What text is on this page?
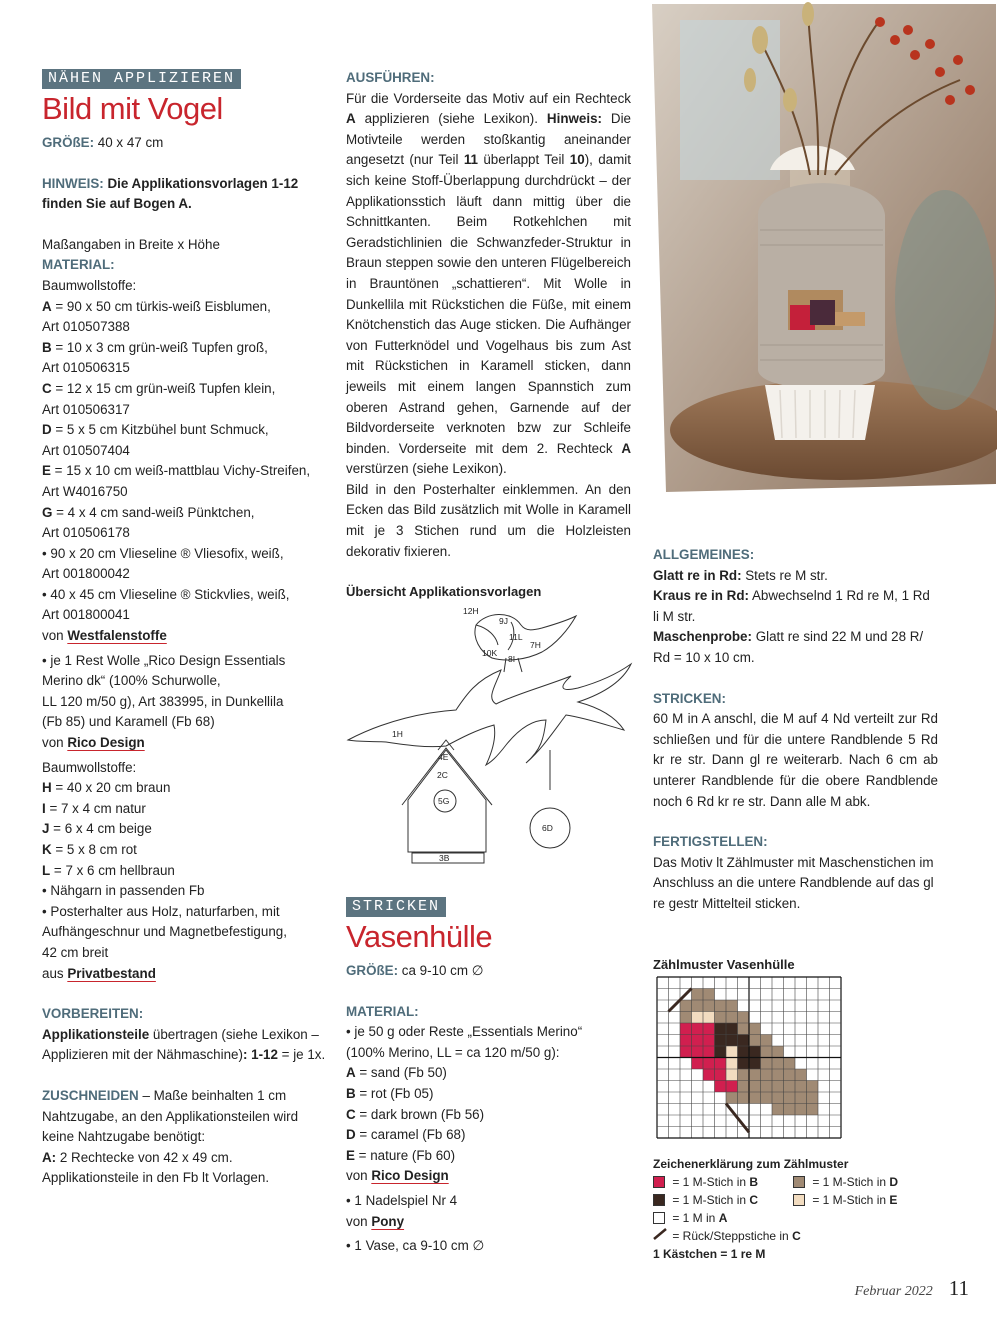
NÄHEN APPLIZIEREN
Bild mit Vogel

GRÖßE: 40 x 47 cm

HINWEIS: Die Applikationsvorlagen 1-12 finden Sie auf Bogen A.

Maßangaben in Breite x Höhe

MATERIAL:

Baumwollstoffe:

A = 90 x 50 cm türkis-weiß Eisblumen,

Art 010507388

B = 10 x 3 cm grün-weiß Tupfen groß,

Art 010506315

C = 12 x 15 cm grün-weiß Tupfen klein,

Art 010506317

D = 5 x 5 cm Kitzbühel bunt Schmuck,

Art 010507404

E = 15 x 10 cm weiß-mattblau Vichy-Streifen,

Art W4016750

G = 4 x 4 cm sand-weiß Pünktchen,

Art 010506178

• 90 x 20 cm Vlieseline ® Vliesofix, weiß,

Art 001800042

• 40 x 45 cm Vlieseline ® Stickvlies, weiß,

Art 001800041

von Westfalenstoffe

• je 1 Rest Wolle „Rico Design Essentials

Merino dk“ (100% Schurwolle,

LL 120 m/50 g), Art 383995, in Dunkellila

(Fb 85) und Karamell (Fb 68)

von Rico Design

Baumwollstoffe:

H = 40 x 20 cm braun

I = 7 x 4 cm natur

J = 6 x 4 cm beige

K = 5 x 8 cm rot

L = 7 x 6 cm hellbraun

• Nähgarn in passenden Fb

• Posterhalter aus Holz, naturfarben, mit

Aufhängeschnur und Magnetbefestigung,

42 cm breit

aus Privatbestand

VORBEREITEN:

Applikationsteile übertragen (siehe Lexikon – Applizieren mit der Nähmaschine): 1-12 = je 1x.

ZUSCHNEIDEN – Maße beinhalten 1 cm Nahtzugabe, an den Applikationsteilen wird keine Nahtzugabe benötigt:

A: 2 Rechtecke von 42 x 49 cm.

Applikationsteile in den Fb lt Vorlagen.

AUSFÜHREN:

Für die Vorderseite das Motiv auf ein Rechteck A applizieren (siehe Lexikon). Hinweis: Die Motivteile werden stoßkantig aneinander angesetzt (nur Teil 11 überlappt Teil 10), damit sich keine Stoff-Überlappung durchdrückt – der Applikationsstich läuft dann mittig über die Schnittkanten. Beim Rotkehlchen mit Geradstichlinien die Schwanzfeder-Struktur in Braun steppen sowie den unteren Flügelbereich in Brauntönen „schattieren“. Mit Wolle in Dunkellila mit Rückstichen die Füße, mit einem Knötchenstich das Auge sticken. Die Aufhänger von Futterknödel und Vogelhaus bis zum Ast mit Rückstichen in Karamell sticken, dann jeweils mit einem langen Spannstich zum oberen Astrand gehen, Garnende auf der Bildvorderseite verknoten bzw zur Schleife binden. Vorderseite mit dem 2. Rechteck A verstürzen (siehe Lexikon).

Bild in den Posterhalter einklemmen. An den Ecken das Bild zusätzlich mit Wolle in Karamell mit je 3 Stichen rund um die Holzleisten dekorativ fixieren.

Übersicht Applikationsvorlagen

12H
9J
11L
7H
10K
8I
1H
4E
2C
5G
6D
3B
STRICKEN
Vasenhülle

GRÖßE: ca 9-10 cm ∅

MATERIAL:

• je 50 g oder Reste „Essentials Merino“

(100% Merino, LL = ca 120 m/50 g):

A = sand (Fb 50)

B = rot (Fb 05)

C = dark brown (Fb 56)

D = caramel (Fb 68)

E = nature (Fb 60)

von Rico Design

• 1 Nadelspiel Nr 4

von Pony

• 1 Vase, ca 9-10 cm ∅

ALLGEMEINES:

Glatt re in Rd: Stets re M str.

Kraus re in Rd: Abwechselnd 1 Rd re M, 1 Rd li M str.

Maschenprobe: Glatt re sind 22 M und 28 R/ Rd = 10 x 10 cm.

STRICKEN:

60 M in A anschl, die M auf 4 Nd verteilt zur Rd schließen und für die untere Randblende 5 Rd kr re str. Dann gl re weiterarb. Nach 6 cm ab unterer Randblende für die obere Randblende noch 6 Rd kr re str. Dann alle M abk.

FERTIGSTELLEN:

Das Motiv lt Zählmuster mit Maschenstichen im Anschluss an die untere Randblende auf das gl re gestr Mittelteil sticken.

Zählmuster Vasenhülle

Zeichenerklärung zum Zählmuster
= 1 M-Stich in B	= 1 M-Stich in D
= 1 M-Stich in C	= 1 M-Stich in E
= 1 M in A
= Rück/Steppstiche in C
1 Kästchen = 1 re M
Februar 2022 11
